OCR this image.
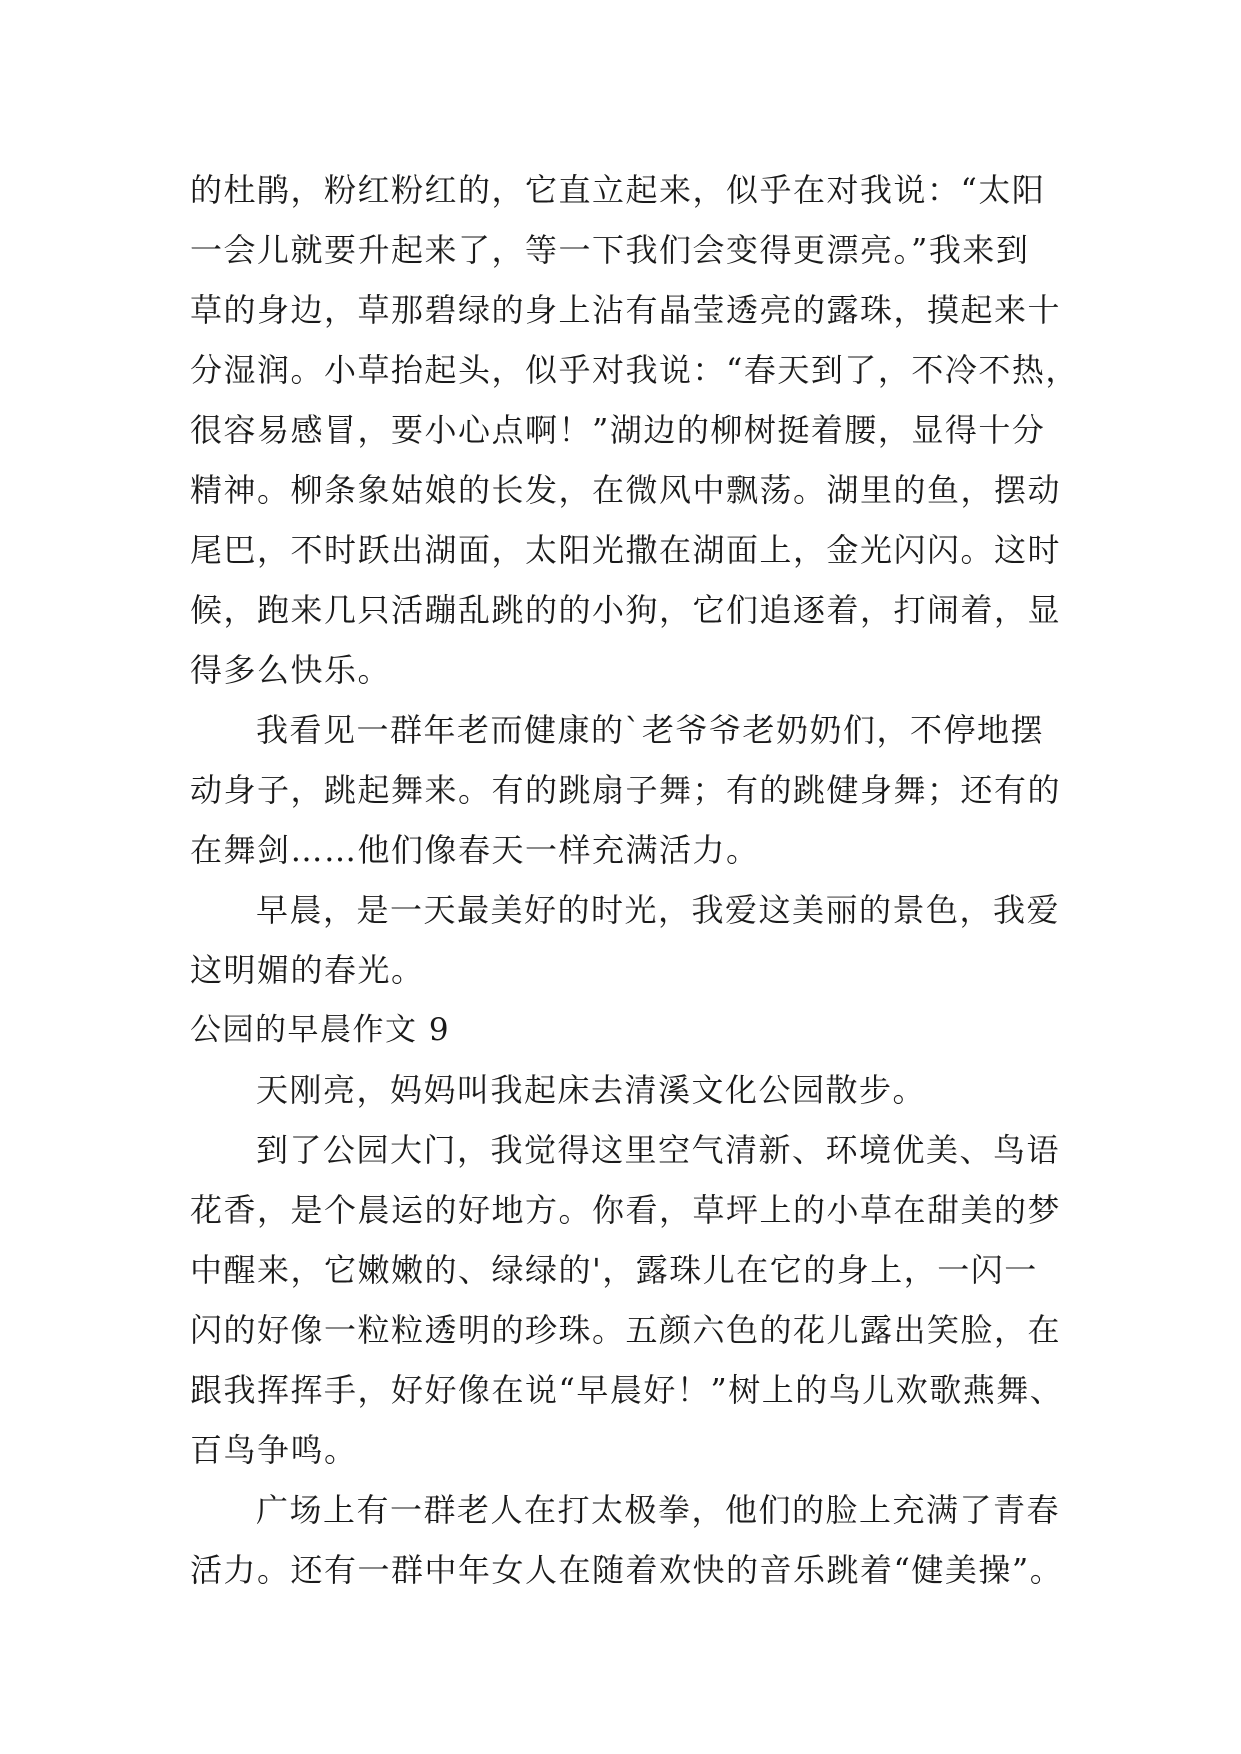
的杜鹃，粉红粉红的，它直立起来，似乎在对我说：“太阳
一会儿就要升起来了，等一下我们会变得更漂亮。”我来到
草的身边，草那碧绿的身上沾有晶莹透亮的露珠，摸起来十
分湿润。小草抬起头，似乎对我说：“春天到了，不冷不热，
很容易感冒，要小心点啊！”湖边的柳树挺着腰，显得十分
精神。柳条象姑娘的长发，在微风中飘荡。湖里的鱼，摆动
尾巴，不时跃出湖面，太阳光撒在湖面上，金光闪闪。这时
候，跑来几只活蹦乱跳的的小狗，它们追逐着，打闹着，显
得多么快乐。
我看见一群年老而健康的`老爷爷老奶奶们，不停地摆
动身子，跳起舞来。有的跳扇子舞；有的跳健身舞；还有的
在舞剑……他们像春天一样充满活力。
早晨，是一天最美好的时光，我爱这美丽的景色，我爱
这明媚的春光。
公园的早晨作文 9
天刚亮，妈妈叫我起床去清溪文化公园散步。
到了公园大门，我觉得这里空气清新、环境优美、鸟语
花香，是个晨运的好地方。你看，草坪上的小草在甜美的梦
中醒来，它嫩嫩的、绿绿的'，露珠儿在它的身上，一闪一
闪的好像一粒粒透明的珍珠。五颜六色的花儿露出笑脸，在
跟我挥挥手，好好像在说“早晨好！”树上的鸟儿欢歌燕舞、
百鸟争鸣。
广场上有一群老人在打太极拳，他们的脸上充满了青春
活力。还有一群中年女人在随着欢快的音乐跳着“健美操”。
